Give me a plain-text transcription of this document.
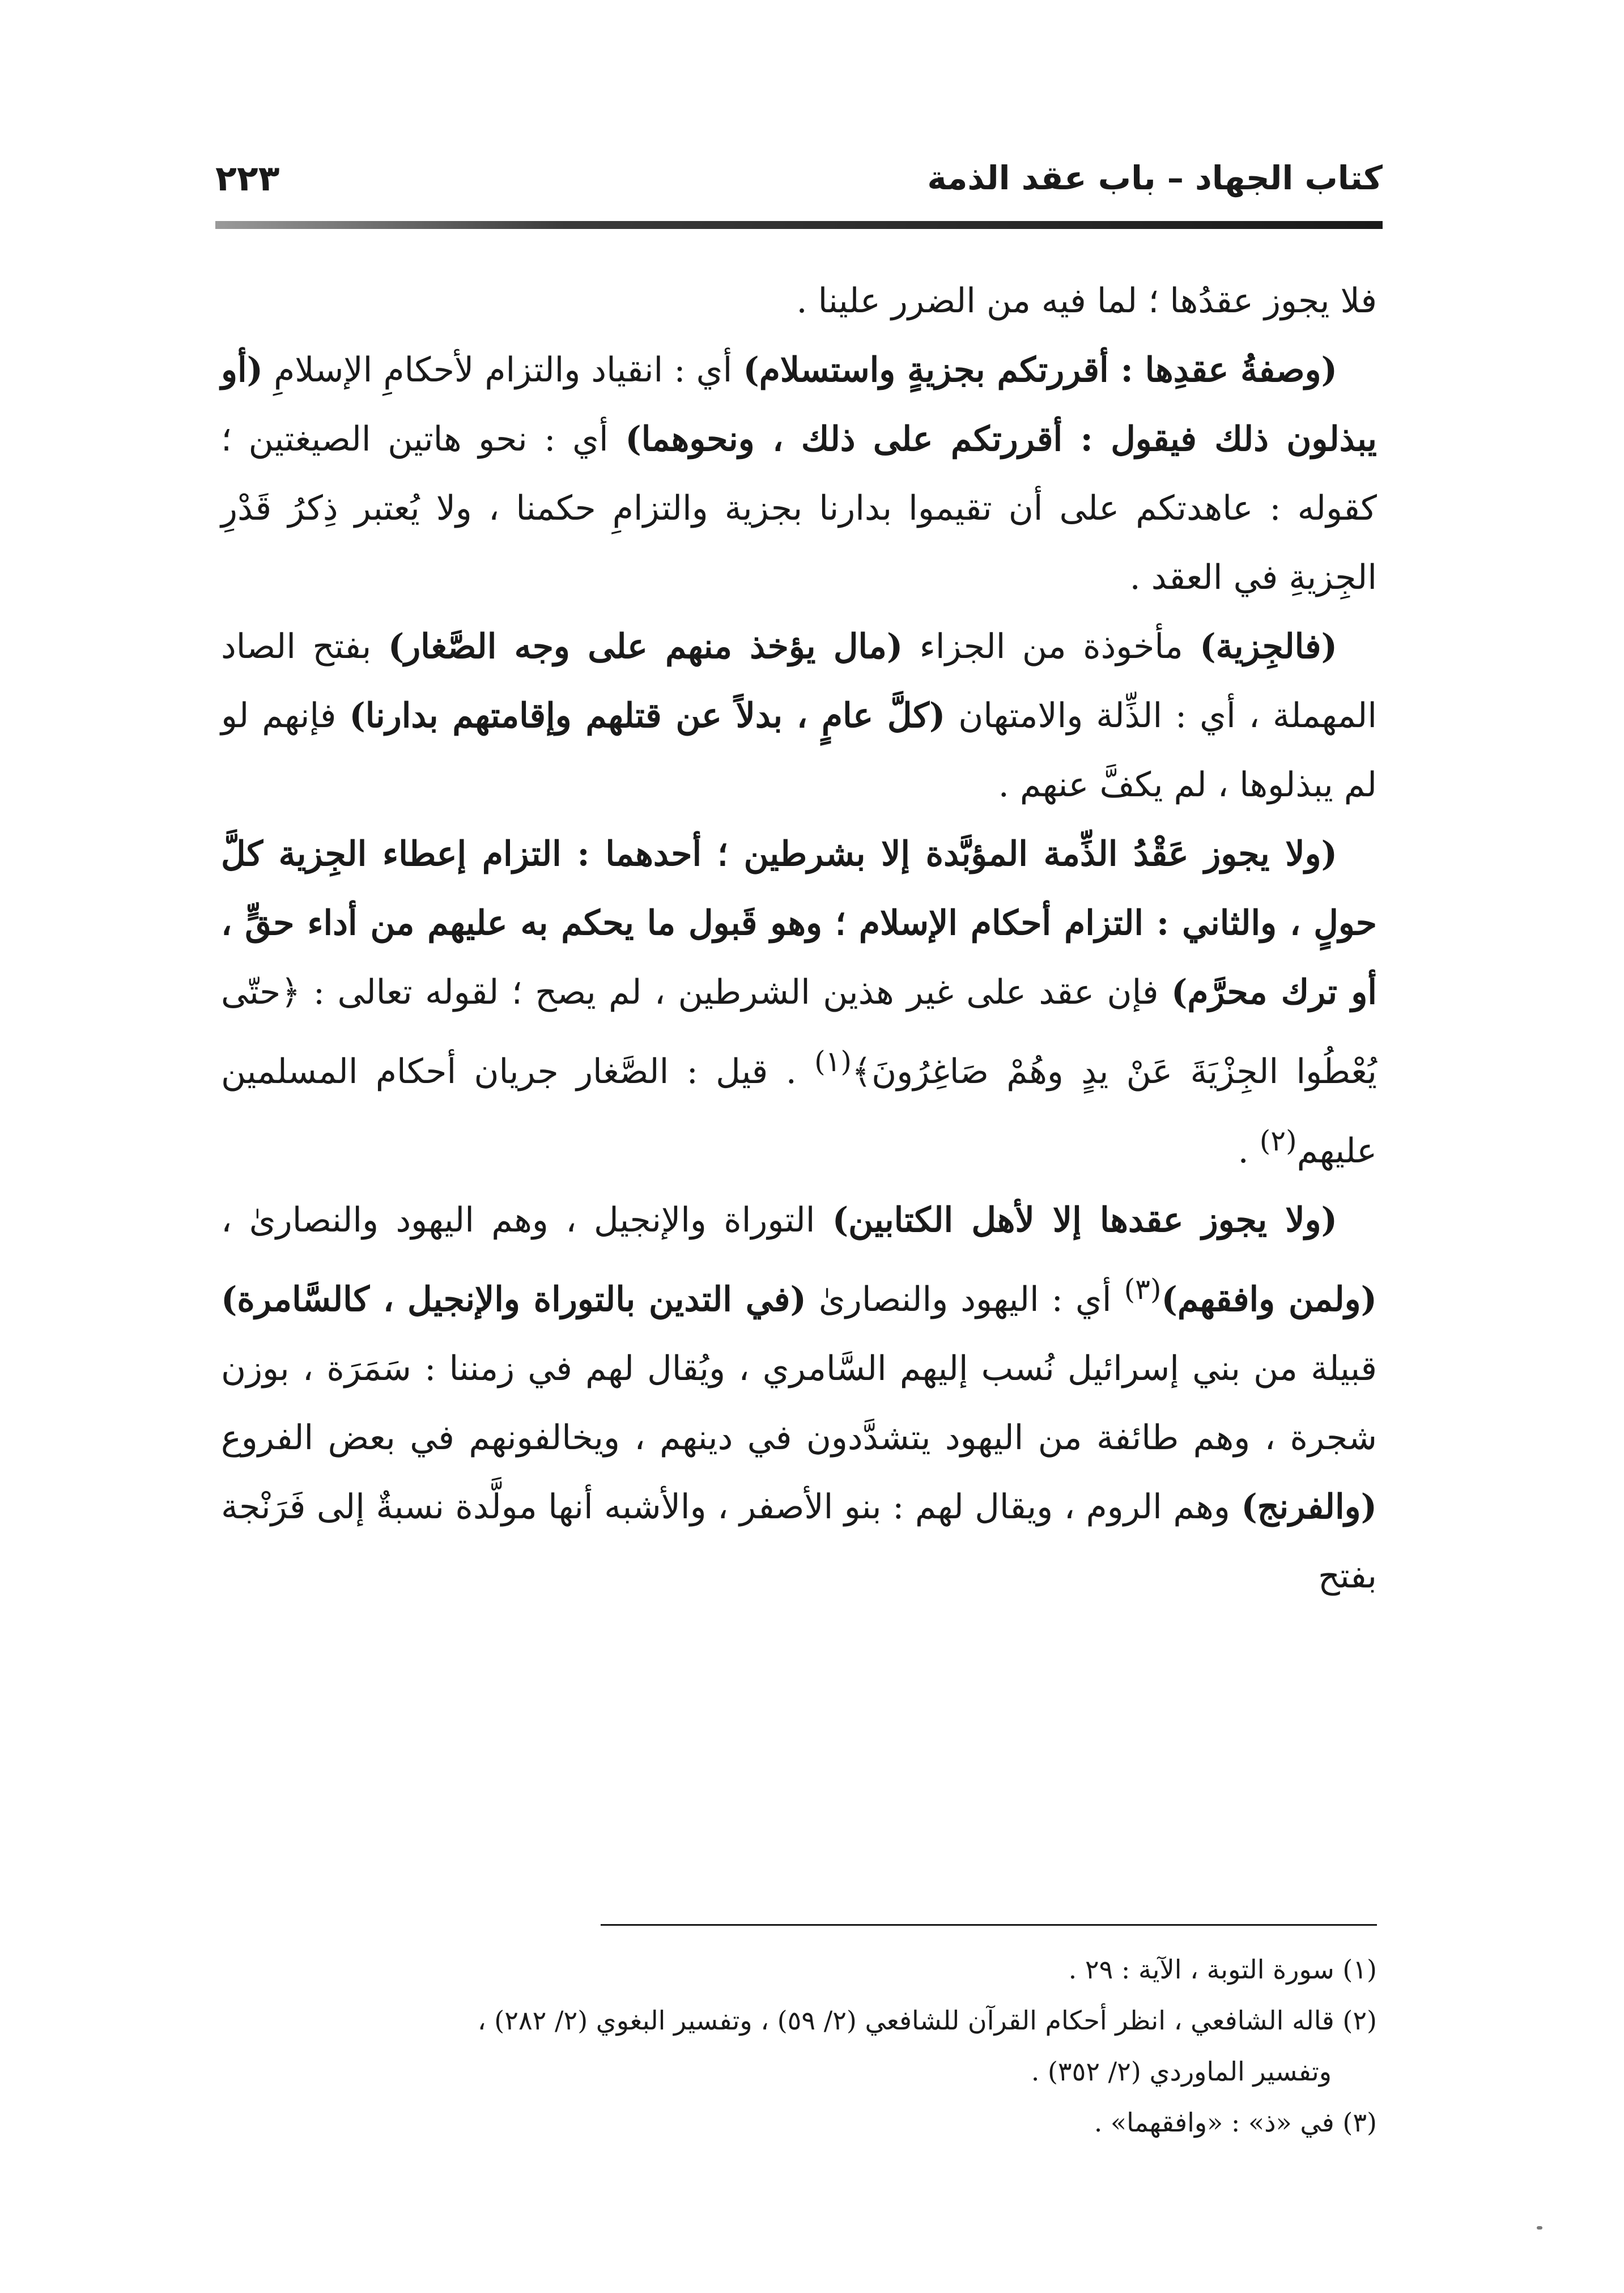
كتاب الجهاد – باب عقد الذمة
٢٢٣

فلا يجوز عقدُها ؛ لما فيه من الضرر علينا .

(وصفةُ عقدِها : أقررتكم بجزيةٍ واستسلام) أي : انقياد والتزام لأحكامِ الإسلامِ (أو يبذلون ذلك فيقول : أقررتكم على ذلك ، ونحوهما) أي : نحو هاتين الصيغتين ؛ كقوله : عاهدتكم على أن تقيموا بدارنا بجزية والتزامِ حكمنا ، ولا يُعتبر ذِكرُ قَدْرِ الجِزيةِ في العقد .

(فالجِزية) مأخوذة من الجزاء (مال يؤخذ منهم على وجه الصَّغار) بفتح الصاد المهملة ، أي : الذِّلة والامتهان (كلَّ عامٍ ، بدلاً عن قتلهم وإقامتهم بدارنا) فإنهم لو لم يبذلوها ، لم يكفَّ عنهم .

(ولا يجوز عَقْدُ الذِّمة المؤبَّدة إلا بشرطين ؛ أحدهما : التزام إعطاء الجِزية كلَّ حولٍ ، والثاني : التزام أحكام الإسلام ؛ وهو قَبول ما يحكم به عليهم من أداء حقٍّ ، أو ترك محرَّم) فإن عقد على غير هذين الشرطين ، لم يصح ؛ لقوله تعالى : ﴿حتّى يُعْطُوا الجِزْيَةَ عَنْ يدٍ وهُمْ صَاغِرُونَ﴾$^{(١)}$ . قيل : الصَّغار جريان أحكام المسلمين عليهم$^{(٢)}$ .

(ولا يجوز عقدها إلا لأهل الكتابين) التوراة والإنجيل ، وهم اليهود والنصارىٰ ، (ولمن وافقهم)$^{(٣)}$ أي : اليهود والنصارىٰ (في التدين بالتوراة والإنجيل ، كالسَّامرة) قبيلة من بني إسرائيل نُسب إليهم السَّامري ، ويُقال لهم في زمننا : سَمَرَة ، بوزن شجرة ، وهم طائفة من اليهود يتشدَّدون في دينهم ، ويخالفونهم في بعض الفروع (والفرنج) وهم الروم ، ويقال لهم : بنو الأصفر ، والأشبه أنها مولَّدة نسبةٌ إلى فَرَنْجة بفتح

(١) سورة التوبة ، الآية : ٢٩ .

(٢) قاله الشافعي ، انظر أحكام القرآن للشافعي (٢/ ٥٩) ، وتفسير البغوي (٢/ ٢٨٢) ،

وتفسير الماوردي (٢/ ٣٥٢) .

(٣) في «ذ» : «وافقهما» .
